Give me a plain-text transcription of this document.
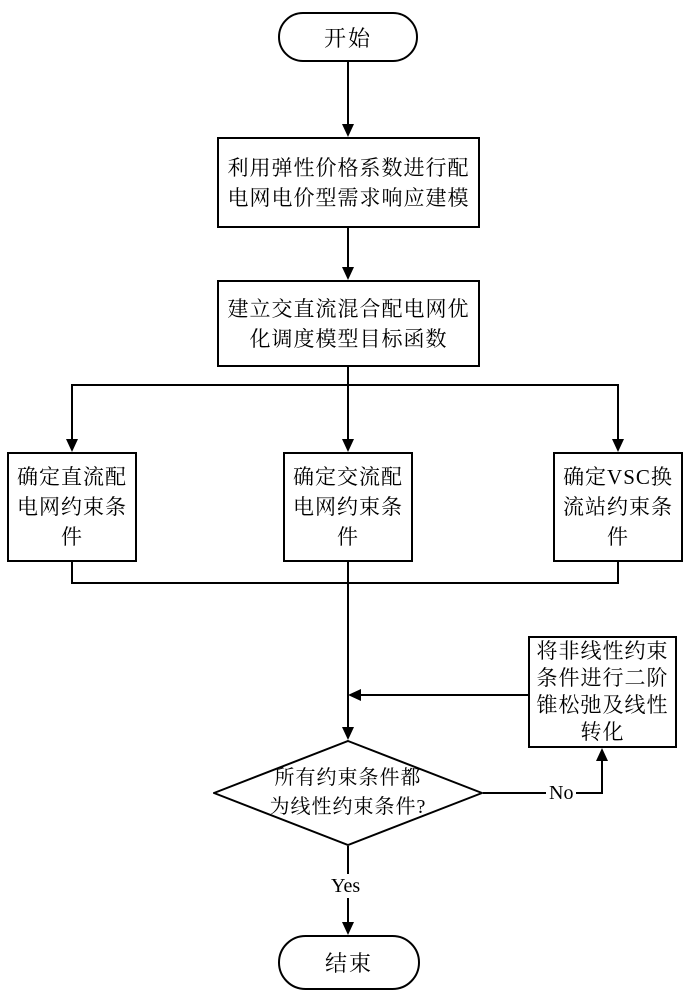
开始
利用弹性价格系数进行配
电网电价型需求响应建模
建立交直流混合配电网优
化调度模型目标函数
确定直流配
电网约束条
件
确定交流配
电网约束条
件
确定VSC换
流站约束条
件
将非线性约束
条件进行二阶
锥松弛及线性
转化
所有约束条件都
为线性约束条件?
No
Yes
结束
